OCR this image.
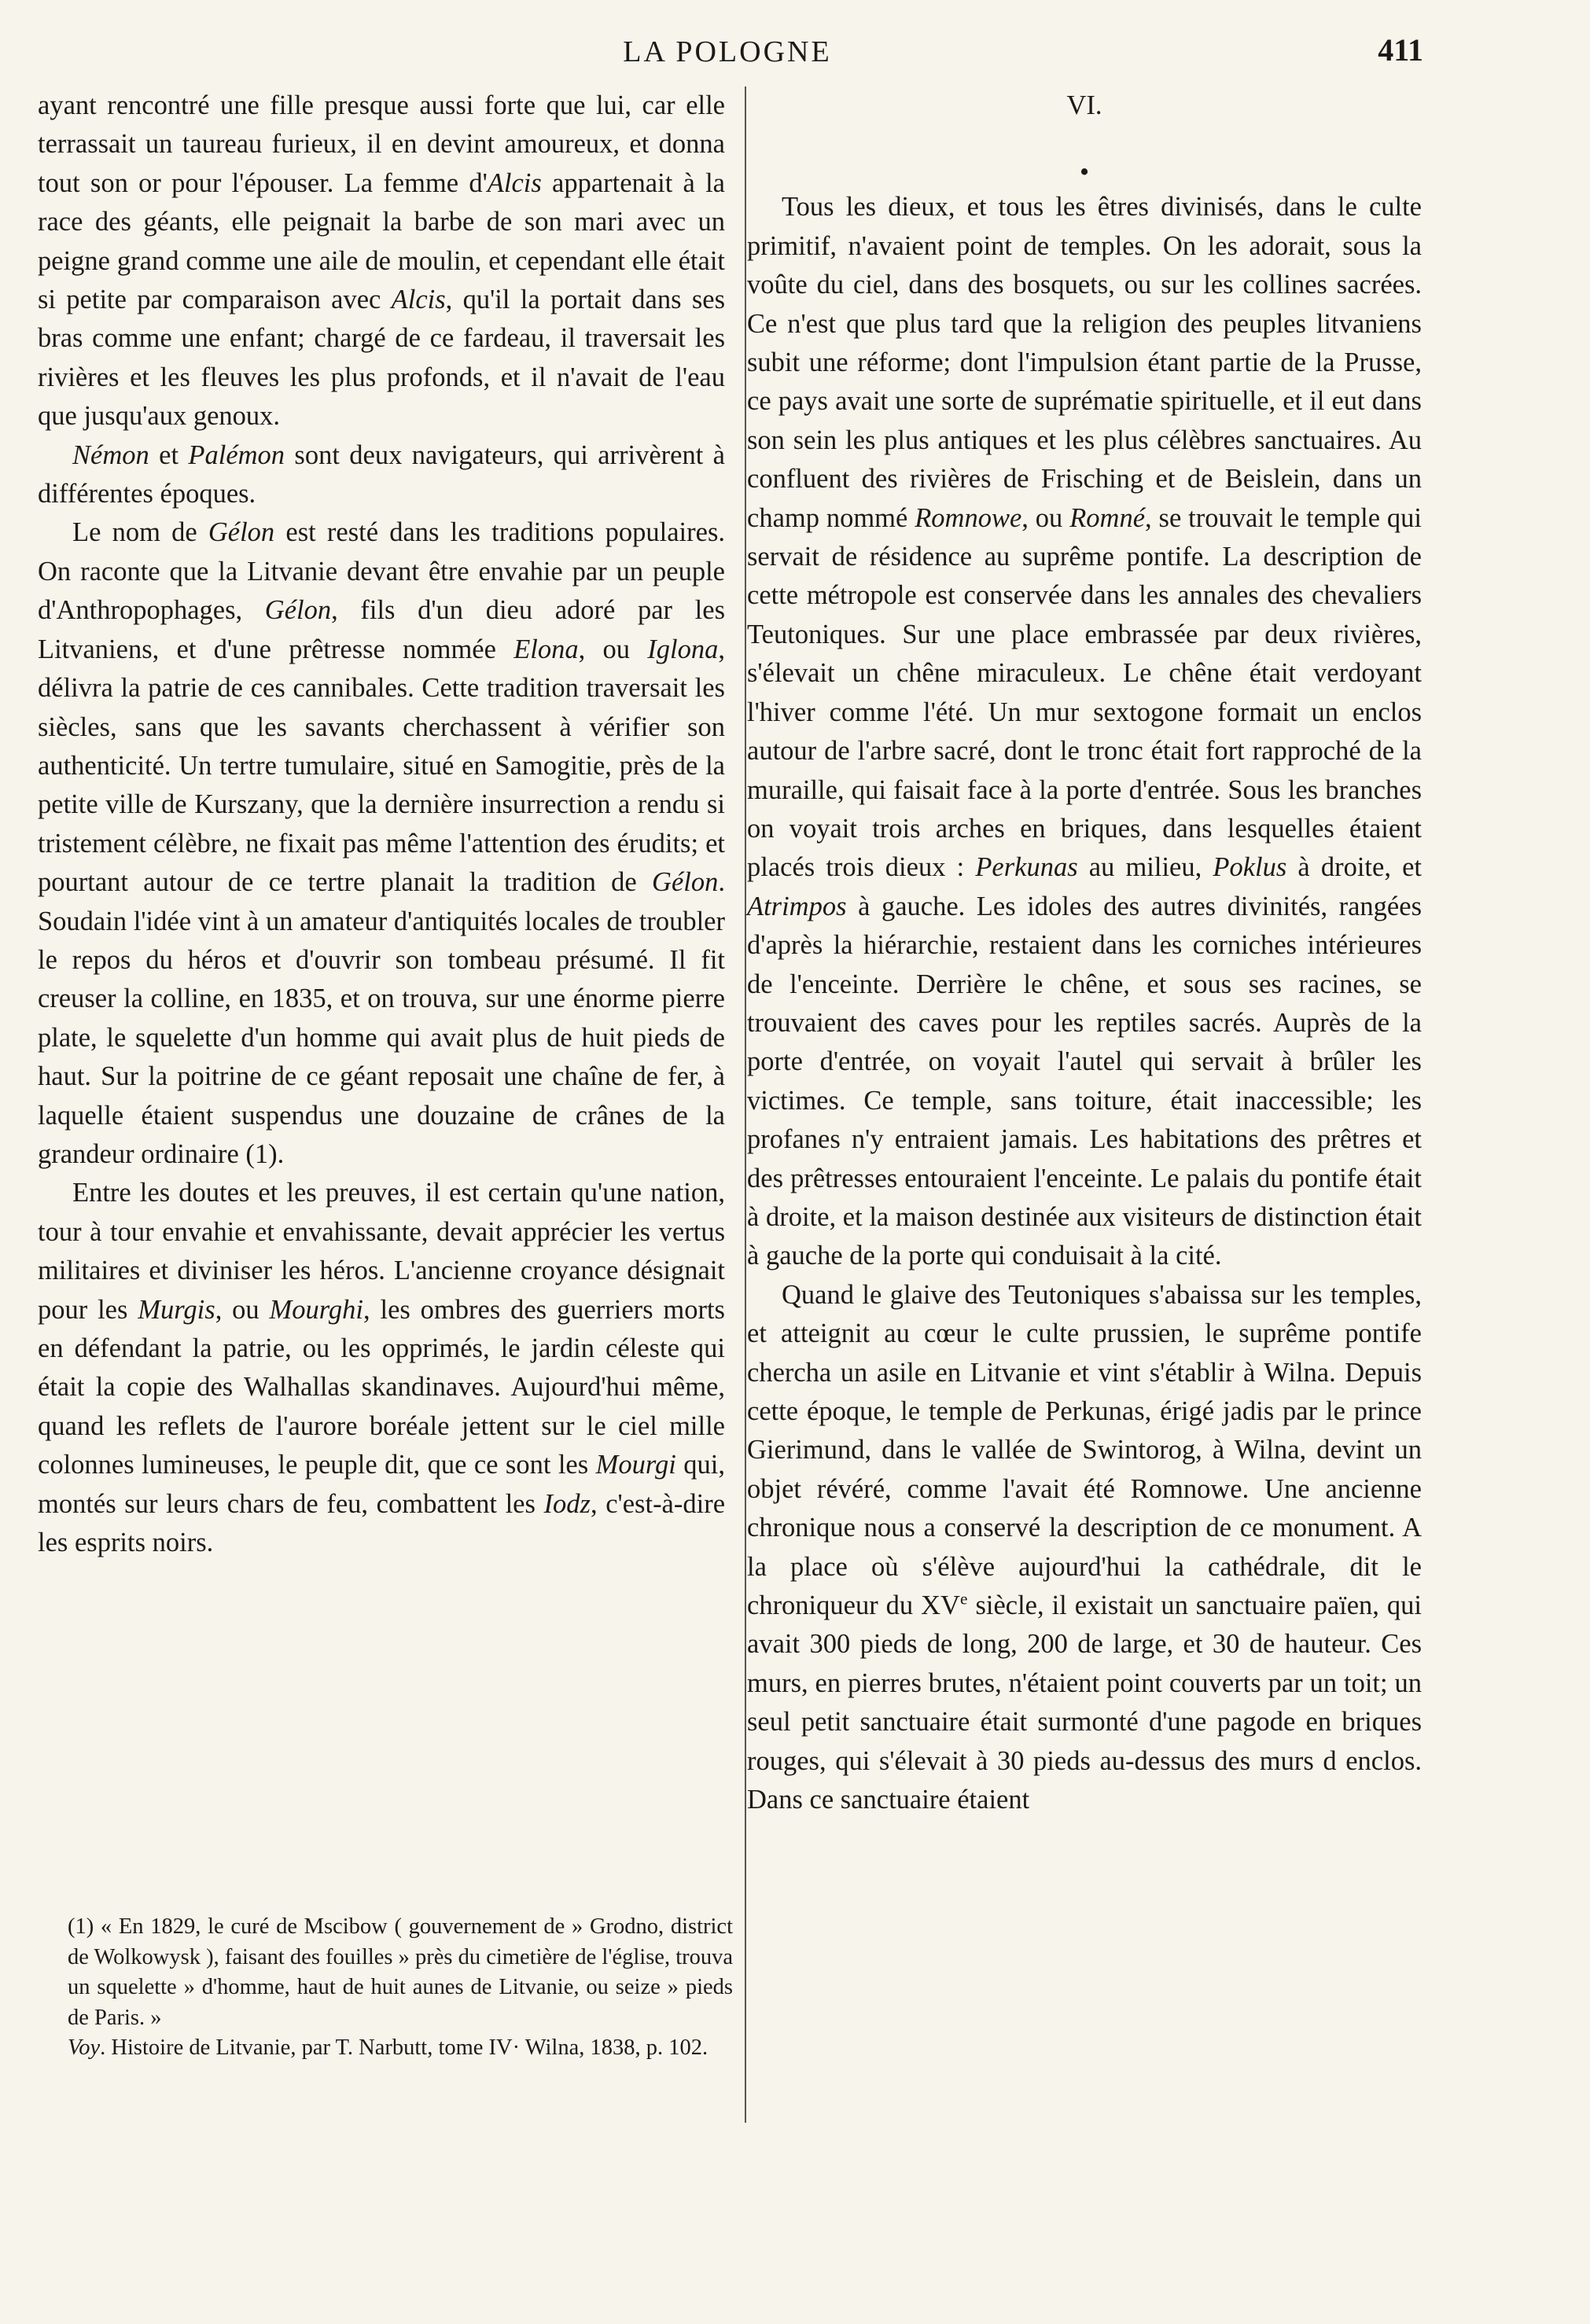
LA POLOGNE	411

ayant rencontré une fille presque aussi forte que lui, car elle terrassait un taureau furieux, il en devint amoureux, et donna tout son or pour l'épouser. La femme d'Alcis appartenait à la race des géants, elle peignait la barbe de son mari avec un peigne grand comme une aile de moulin, et cependant elle était si petite par comparaison avec Alcis, qu'il la portait dans ses bras comme une enfant; chargé de ce fardeau, il traversait les rivières et les fleuves les plus profonds, et il n'avait de l'eau que jusqu'aux genoux.

Némon et Palémon sont deux navigateurs, qui arrivèrent à différentes époques.

Le nom de Gélon est resté dans les traditions populaires. On raconte que la Litvanie devant être envahie par un peuple d'Anthropophages, Gélon, fils d'un dieu adoré par les Litvaniens, et d'une prêtresse nommée Elona, ou Iglona, délivra la patrie de ces cannibales. Cette tradition traversait les siècles, sans que les savants cherchassent à vérifier son authenticité. Un tertre tumulaire, situé en Samogitie, près de la petite ville de Kurszany, que la dernière insurrection a rendu si tristement célèbre, ne fixait pas même l'attention des érudits; et pourtant autour de ce tertre planait la tradition de Gélon. Soudain l'idée vint à un amateur d'antiquités locales de troubler le repos du héros et d'ouvrir son tombeau présumé. Il fit creuser la colline, en 1835, et on trouva, sur une énorme pierre plate, le squelette d'un homme qui avait plus de huit pieds de haut. Sur la poitrine de ce géant reposait une chaîne de fer, à laquelle étaient suspendus une douzaine de crânes de la grandeur ordinaire (1).

Entre les doutes et les preuves, il est certain qu'une nation, tour à tour envahie et envahissante, devait apprécier les vertus militaires et diviniser les héros. L'ancienne croyance désignait pour les Murgis, ou Mourghi, les ombres des guerriers morts en défendant la patrie, ou les opprimés, le jardin céleste qui était la copie des Walhallas skandinaves. Aujourd'hui même, quand les reflets de l'aurore boréale jettent sur le ciel mille colonnes lumineuses, le peuple dit, que ce sont les Mourgi qui, montés sur leurs chars de feu, combattent les Iodz, c'est-à-dire les esprits noirs.

VI.
•

Tous les dieux, et tous les êtres divinisés, dans le culte primitif, n'avaient point de temples. On les adorait, sous la voûte du ciel, dans des bosquets, ou sur les collines sacrées. Ce n'est que plus tard que la religion des peuples litvaniens subit une réforme; dont l'impulsion étant partie de la Prusse, ce pays avait une sorte de suprématie spirituelle, et il eut dans son sein les plus antiques et les plus célèbres sanctuaires. Au confluent des rivières de Frisching et de Beislein, dans un champ nommé Romnowe, ou Romné, se trouvait le temple qui servait de résidence au suprême pontife. La description de cette métropole est conservée dans les annales des chevaliers Teutoniques. Sur une place embrassée par deux rivières, s'élevait un chêne miraculeux. Le chêne était verdoyant l'hiver comme l'été. Un mur sextogone formait un enclos autour de l'arbre sacré, dont le tronc était fort rapproché de la muraille, qui faisait face à la porte d'entrée. Sous les branches on voyait trois arches en briques, dans lesquelles étaient placés trois dieux : Perkunas au milieu, Poklus à droite, et Atrimpos à gauche. Les idoles des autres divinités, rangées d'après la hiérarchie, restaient dans les corniches intérieures de l'enceinte. Derrière le chêne, et sous ses racines, se trouvaient des caves pour les reptiles sacrés. Auprès de la porte d'entrée, on voyait l'autel qui servait à brûler les victimes. Ce temple, sans toiture, était inaccessible; les profanes n'y entraient jamais. Les habitations des prêtres et des prêtresses entouraient l'enceinte. Le palais du pontife était à droite, et la maison destinée aux visiteurs de distinction était à gauche de la porte qui conduisait à la cité.

Quand le glaive des Teutoniques s'abaissa sur les temples, et atteignit au cœur le culte prussien, le suprême pontife chercha un asile en Litvanie et vint s'établir à Wilna. Depuis cette époque, le temple de Perkunas, érigé jadis par le prince Gierimund, dans le vallée de Swintorog, à Wilna, devint un objet révéré, comme l'avait été Romnowe. Une ancienne chronique nous a conservé la description de ce monument. A la place où s'élève aujourd'hui la cathédrale, dit le chroniqueur du XVe siècle, il existait un sanctuaire païen, qui avait 300 pieds de long, 200 de large, et 30 de hauteur. Ces murs, en pierres brutes, n'étaient point couverts par un toit; un seul petit sanctuaire était surmonté d'une pagode en briques rouges, qui s'élevait à 30 pieds au-dessus des murs d enclos. Dans ce sanctuaire étaient

(1) « En 1829, le curé de Mscibow ( gouvernement de » Grodno, district de Wolkowysk ), faisant des fouilles » près du cimetière de l'église, trouva un squelette » d'homme, haut de huit aunes de Litvanie, ou seize » pieds de Paris. »

Voy. Histoire de Litvanie, par T. Narbutt, tome IV· Wilna, 1838, p. 102.
